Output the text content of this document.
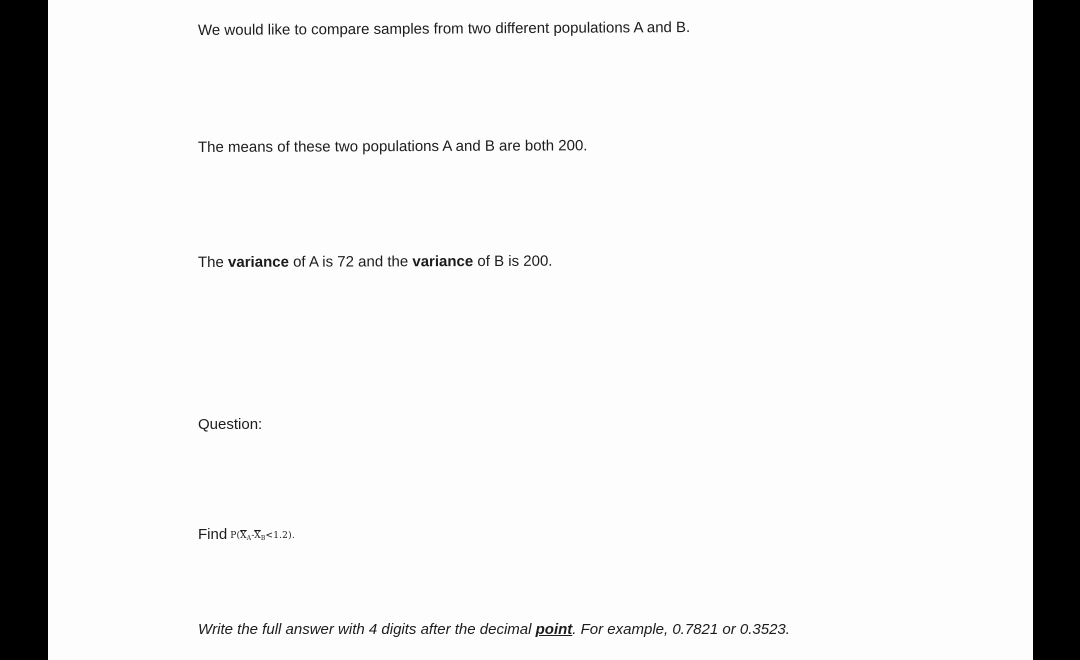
We would like to compare samples from two different populations A and B.
The means of these two populations A and B are both 200.
The variance of A is 72 and the variance of B is 200.
Question:
Find $P(\overline{X}_A-\overline{X}_B<1.2)$.
Write the full answer with 4 digits after the decimal point. For example, 0.7821 or 0.3523.
